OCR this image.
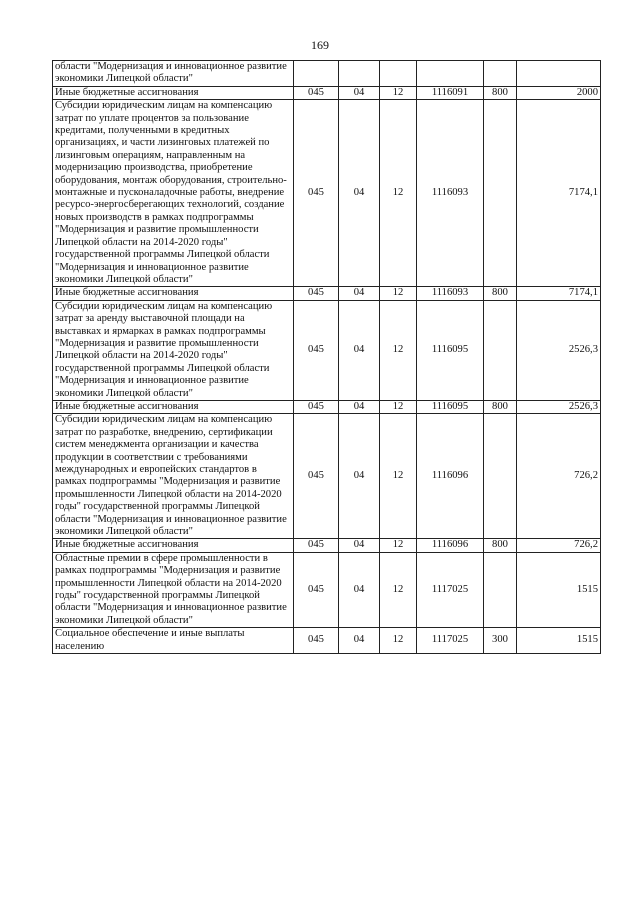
169
области "Модернизация и инновационное развитие экономики Липецкой области"						
Иные бюджетные ассигнования	045	04	12	1116091	800	2000
Субсидии юридическим лицам на компенсацию затрат по уплате процентов за пользование кредитами, полученными в кредитных организациях, и части лизинговых платежей по лизинговым операциям, направленным на модернизацию производства, приобретение оборудования, монтаж оборудования, строительно-монтажные и пусконаладочные работы, внедрение ресурсо-энергосберегающих технологий, создание новых производств в рамках подпрограммы "Модернизация и развитие промышленности Липецкой области на 2014-2020 годы" государственной программы Липецкой области "Модернизация и инновационное развитие экономики Липецкой области"	045	04	12	1116093		7174,1
Иные бюджетные ассигнования	045	04	12	1116093	800	7174,1
Субсидии юридическим лицам на компенсацию затрат за аренду выставочной площади на выставках и ярмарках в рамках подпрограммы "Модернизация и развитие промышленности Липецкой области на 2014-2020 годы" государственной программы Липецкой области "Модернизация и инновационное развитие экономики Липецкой области"	045	04	12	1116095		2526,3
Иные бюджетные ассигнования	045	04	12	1116095	800	2526,3
Субсидии юридическим лицам на компенсацию затрат по разработке, внедрению, сертификации систем менеджмента организации и качества продукции в соответствии с требованиями международных и европейских стандартов в рамках подпрограммы "Модернизация и развитие промышленности Липецкой области на 2014-2020 годы" государственной программы Липецкой области "Модернизация и инновационное развитие экономики Липецкой области"	045	04	12	1116096		726,2
Иные бюджетные ассигнования	045	04	12	1116096	800	726,2
Областные премии в сфере промышленности в рамках подпрограммы "Модернизация и развитие промышленности Липецкой области на 2014-2020 годы" государственной программы Липецкой области "Модернизация и инновационное развитие экономики Липецкой области"	045	04	12	1117025		1515
Социальное обеспечение и иные выплаты населению	045	04	12	1117025	300	1515
